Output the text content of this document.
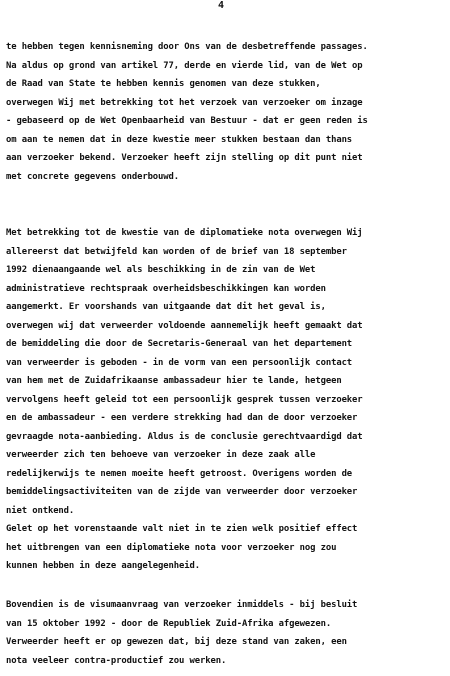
4
te hebben tegen kennisneming door Ons van de desbetreffende passages.
Na aldus op grond van artikel 77, derde en vierde lid, van de Wet op
de Raad van State te hebben kennis genomen van deze stukken,
overwegen Wij met betrekking tot het verzoek van verzoeker om inzage
- gebaseerd op de Wet Openbaarheid van Bestuur - dat er geen reden is
om aan te nemen dat in deze kwestie meer stukken bestaan dan thans
aan verzoeker bekend. Verzoeker heeft zijn stelling op dit punt niet
met concrete gegevens onderbouwd.
Met betrekking tot de kwestie van de diplomatieke nota overwegen Wij
allereerst dat betwijfeld kan worden of de brief van 18 september
1992 dienaangaande wel als beschikking in de zin van de Wet
administratieve rechtspraak overheidsbeschikkingen kan worden
aangemerkt. Er voorshands van uitgaande dat dit het geval is,
overwegen wij dat verweerder voldoende aannemelijk heeft gemaakt dat
de bemiddeling die door de Secretaris-Generaal van het departement
van verweerder is geboden - in de vorm van een persoonlijk contact
van hem met de Zuidafrikaanse ambassadeur hier te lande, hetgeen
vervolgens heeft geleid tot een persoonlijk gesprek tussen verzoeker
en de ambassadeur - een verdere strekking had dan de door verzoeker
gevraagde nota-aanbieding. Aldus is de conclusie gerechtvaardigd dat
verweerder zich ten behoeve van verzoeker in deze zaak alle
redelijkerwijs te nemen moeite heeft getroost. Overigens worden de
bemiddelingsactiviteiten van de zijde van verweerder door verzoeker
niet ontkend.
Gelet op het vorenstaande valt niet in te zien welk positief effect
het uitbrengen van een diplomatieke nota voor verzoeker nog zou
kunnen hebben in deze aangelegenheid.
Bovendien is de visumaanvraag van verzoeker inmiddels - bij besluit
van 15 oktober 1992 - door de Republiek Zuid-Afrika afgewezen.
Verweerder heeft er op gewezen dat, bij deze stand van zaken, een
nota veeleer contra-productief zou werken.
